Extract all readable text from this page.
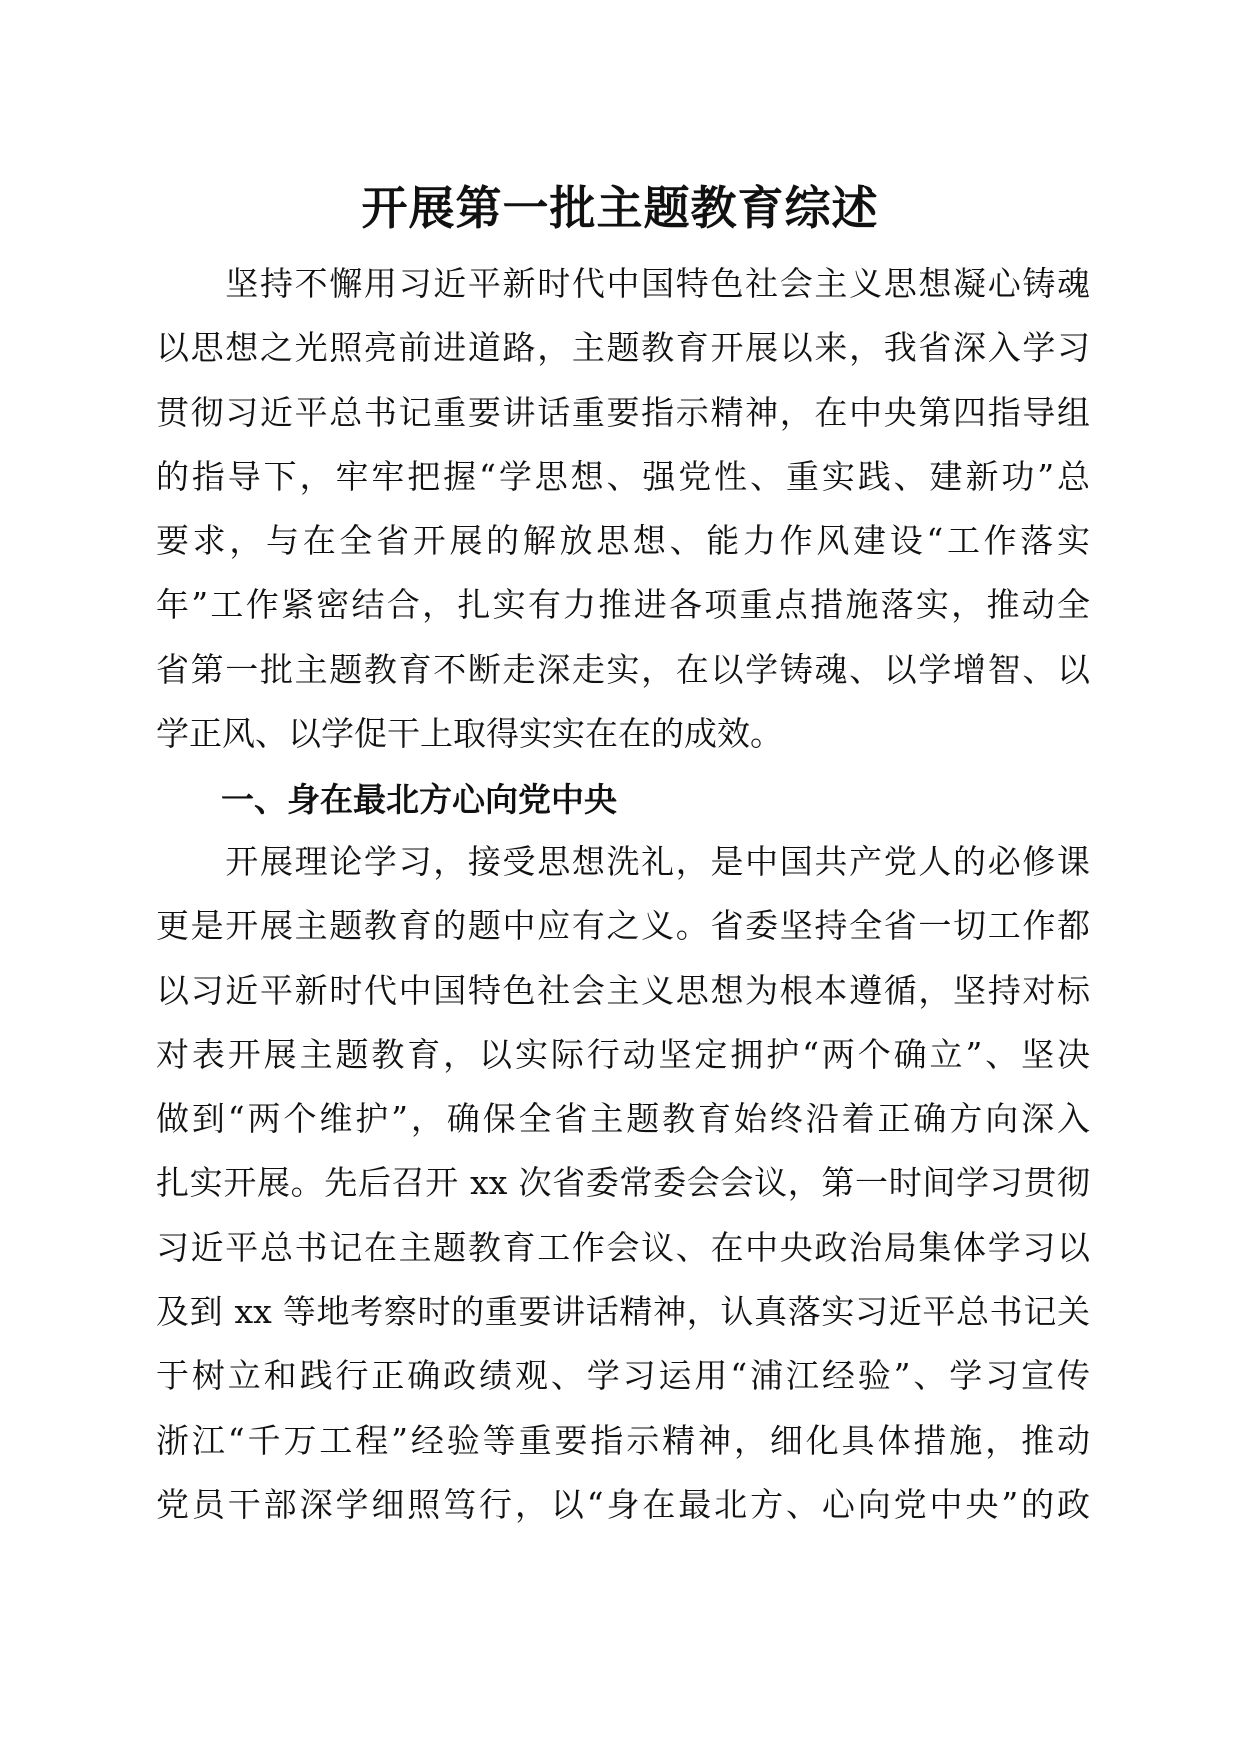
开展第一批主题教育综述
　　坚持不懈用习近平新时代中国特色社会主义思想凝心铸魂
以思想之光照亮前进道路，主题教育开展以来，我省深入学习
贯彻习近平总书记重要讲话重要指示精神，在中央第四指导组
的指导下，牢牢把握“学思想、强党性、重实践、建新功”总
要求，与在全省开展的解放思想、能力作风建设“工作落实
年”工作紧密结合，扎实有力推进各项重点措施落实，推动全
省第一批主题教育不断走深走实，在以学铸魂、以学增智、以
学正风、以学促干上取得实实在在的成效。
一、身在最北方心向党中央
　　开展理论学习，接受思想洗礼，是中国共产党人的必修课
更是开展主题教育的题中应有之义。省委坚持全省一切工作都
以习近平新时代中国特色社会主义思想为根本遵循，坚持对标
对表开展主题教育，以实际行动坚定拥护“两个确立”、坚决
做到“两个维护”，确保全省主题教育始终沿着正确方向深入
扎实开展。先后召开 xx 次省委常委会会议，第一时间学习贯彻
习近平总书记在主题教育工作会议、在中央政治局集体学习以
及到 xx 等地考察时的重要讲话精神，认真落实习近平总书记关
于树立和践行正确政绩观、学习运用“浦江经验”、学习宣传
浙江“千万工程”经验等重要指示精神，细化具体措施，推动
党员干部深学细照笃行，以“身在最北方、心向党中央”的政
